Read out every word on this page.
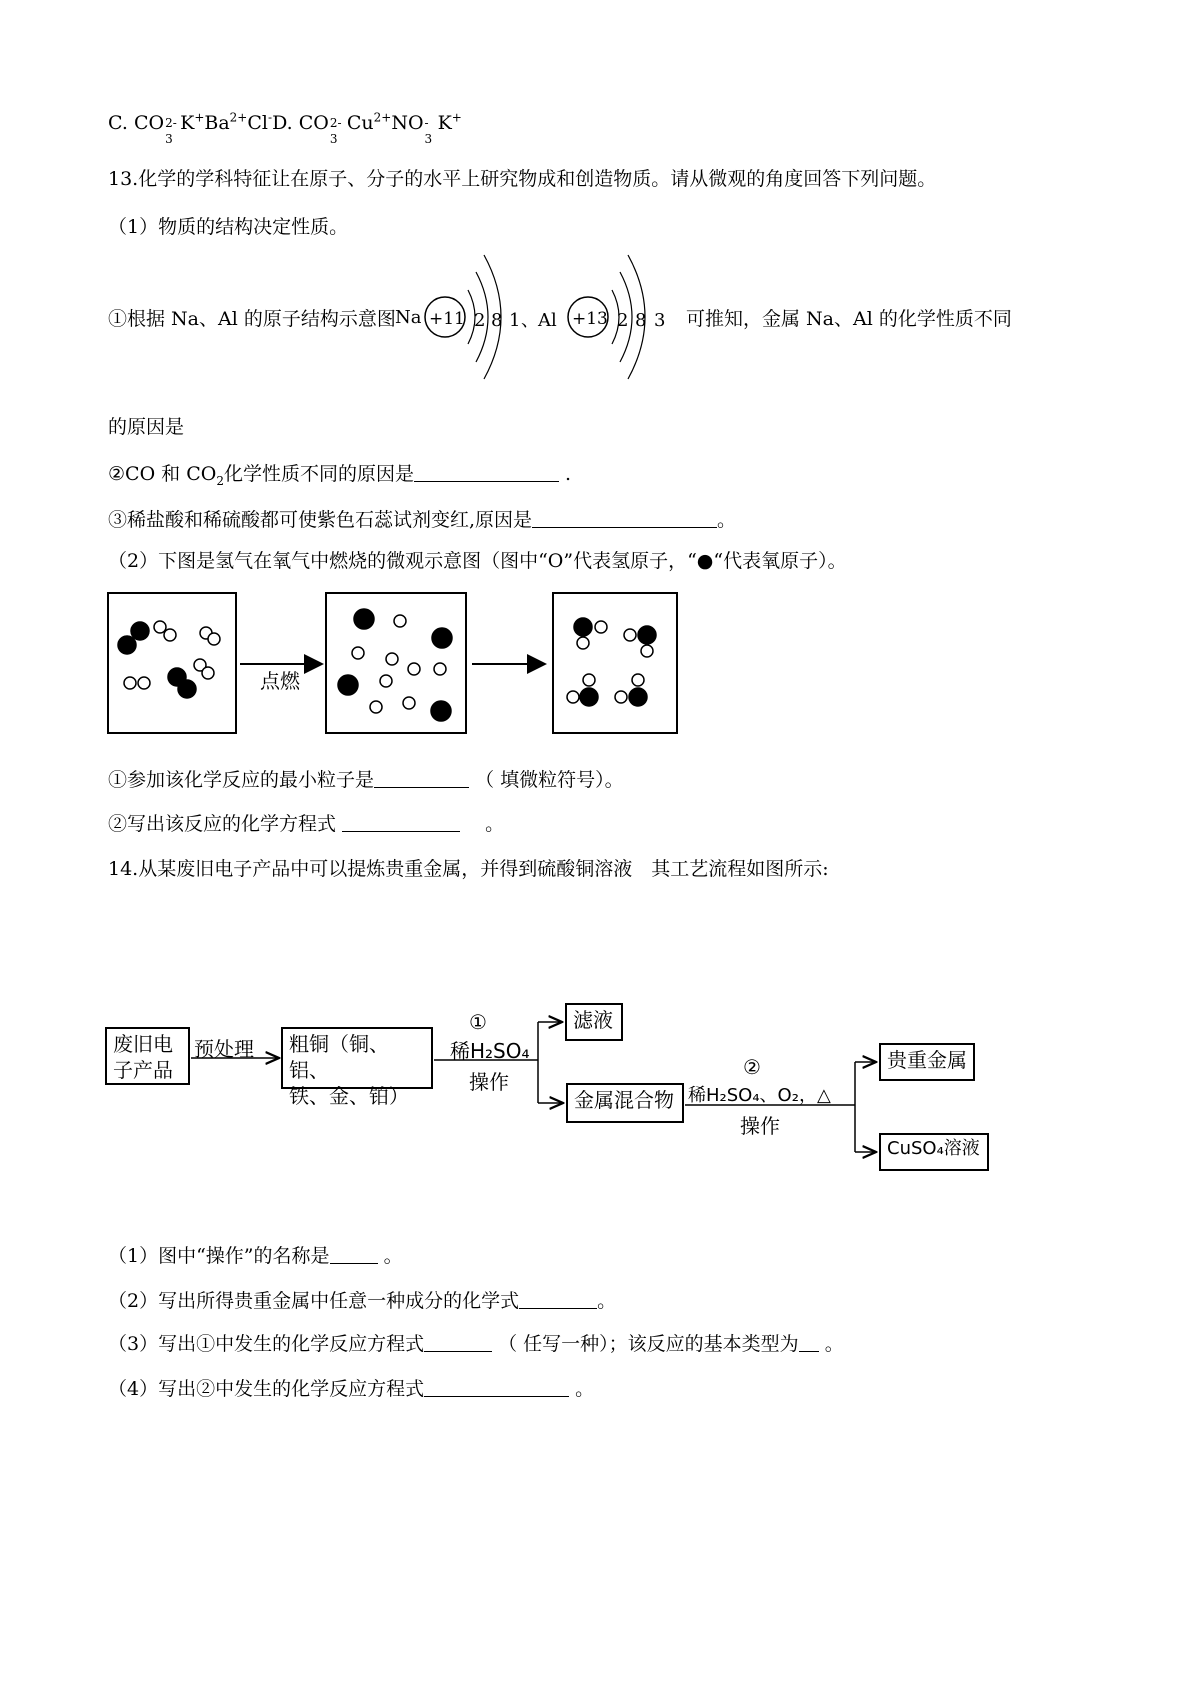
C. CO 2-
3
$K^+Ba^{2+}Cl^-D$. CO 2-
3
$Cu^{2+}NO$ -
3
K+
13.化学的学科特征让在原子、分子的水平上研究物成和创造物质。请从微观的角度回答下列问题。
（1）物质的结构决定性质。
①根据 Na、Al 的原子结构示意图 Na +11 2 8 1 、 Al +13 2 8 3 可推知，金属 Na、Al 的化学性质不同
的原因是
②CO 和 $CO_2$化学性质不同的原因是	.
③稀盐酸和稀硫酸都可使紫色石蕊试剂变红,原因是	。
（2）下图是氢气在氧气中燃烧的微观示意图（图中“O”代表氢原子，“●“代表氧原子）。
点燃
①参加该化学反应的最小粒子是	（ 填微粒符号）。
②写出该反应的化学方程式  　	。
14.从某废旧电子产品中可以提炼贵重金属，并得到硫酸铜溶液　其工艺流程如图所示:
废旧电
子产品
预处理 粗铜（铜、铝、
铁、金、铂）
①
稀H₂SO₄
操作
滤液
金属混合物
②
稀H₂SO₄、O₂，△
操作
贵重金属
CuSO₄溶液
（1）图中“操作”的名称是	。
（2）写出所得贵重金属中任意一种成分的化学式	。
（3）写出①中发生的化学反应方程式	（ 任写一种）；该反应的基本类型为 。
（4）写出②中发生的化学反应方程式	。
